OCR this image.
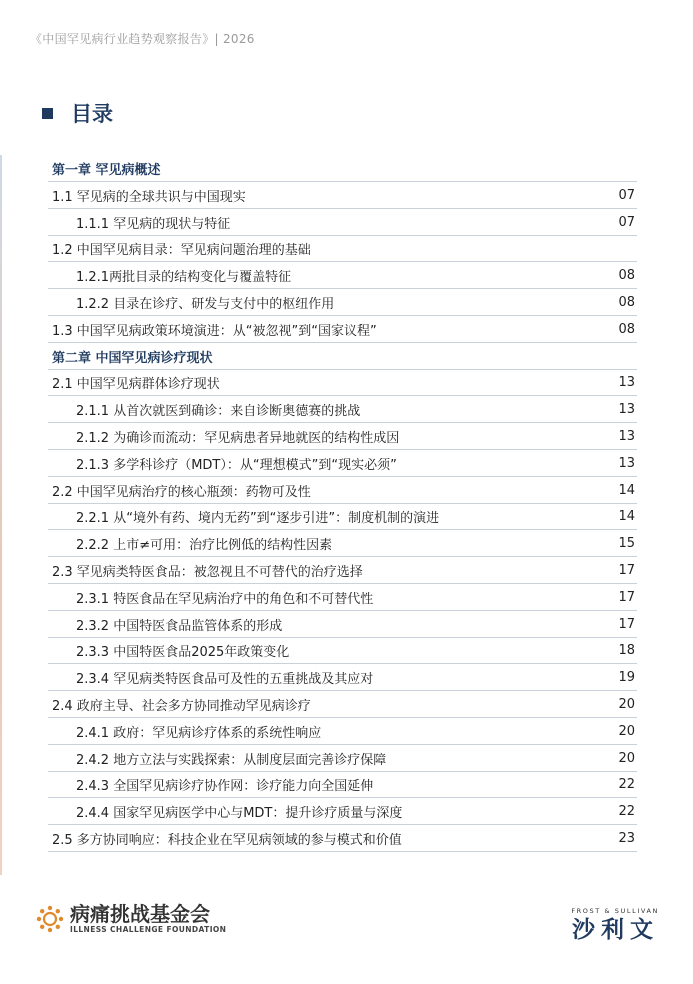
《中国罕见病行业趋势观察报告》| 2026
目录
第一章 罕见病概述
1.1 罕见病的全球共识与中国现实	07
1.1.1 罕见病的现状与特征	07
1.2 中国罕见病目录：罕见病问题治理的基础
1.2.1两批目录的结构变化与覆盖特征	08
1.2.2 目录在诊疗、研发与支付中的枢纽作用	08
1.3 中国罕见病政策环境演进：从“被忽视”到“国家议程”	08
第二章 中国罕见病诊疗现状
2.1 中国罕见病群体诊疗现状	13
2.1.1 从首次就医到确诊：来自诊断奥德赛的挑战	13
2.1.2 为确诊而流动：罕见病患者异地就医的结构性成因	13
2.1.3 多学科诊疗（MDT）：从“理想模式”到“现实必须”	13
2.2 中国罕见病治疗的核心瓶颈：药物可及性	14
2.2.1 从“境外有药、境内无药”到“逐步引进”：制度机制的演进	14
2.2.2 上市≠可用：治疗比例低的结构性因素	15
2.3 罕见病类特医食品：被忽视且不可替代的治疗选择	17
2.3.1 特医食品在罕见病治疗中的角色和不可替代性	17
2.3.2 中国特医食品监管体系的形成	17
2.3.3 中国特医食品2025年政策变化	18
2.3.4 罕见病类特医食品可及性的五重挑战及其应对	19
2.4 政府主导、社会多方协同推动罕见病诊疗	20
2.4.1 政府：罕见病诊疗体系的系统性响应	20
2.4.2 地方立法与实践探索：从制度层面完善诊疗保障	20
2.4.3 全国罕见病诊疗协作网：诊疗能力向全国延伸	22
2.4.4 国家罕见病医学中心与MDT：提升诊疗质量与深度	22
2.5 多方协同响应：科技企业在罕见病领域的参与模式和价值	23
病痛挑战基金会
ILLNESS CHALLENGE FOUNDATION
FROST & SULLIVAN
沙利文
